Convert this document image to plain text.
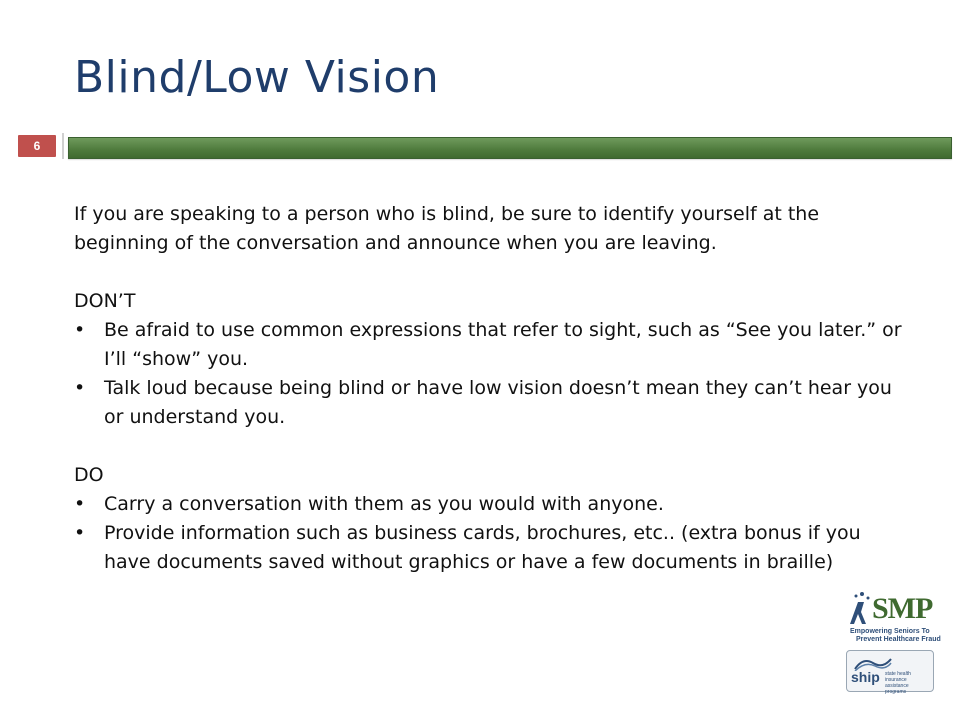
Blind/Low Vision
6

If you are speaking to a person who is blind, be sure to identify yourself at the beginning of the conversation and announce when you are leaving.

DON’T

• Be afraid to use common expressions that refer to sight, such as “See you later.” or I’ll “show” you.
• Talk loud because being blind or have low vision doesn’t mean they can’t hear you or understand you.

DO

• Carry a conversation with them as you would with anyone.
• Provide information such as business cards, brochures, etc.. (extra bonus if you have documents saved without graphics or have a few documents in braille)
SMP
Empowering Seniors To
Prevent Healthcare Fraud
ship state health insurance assistance programs
